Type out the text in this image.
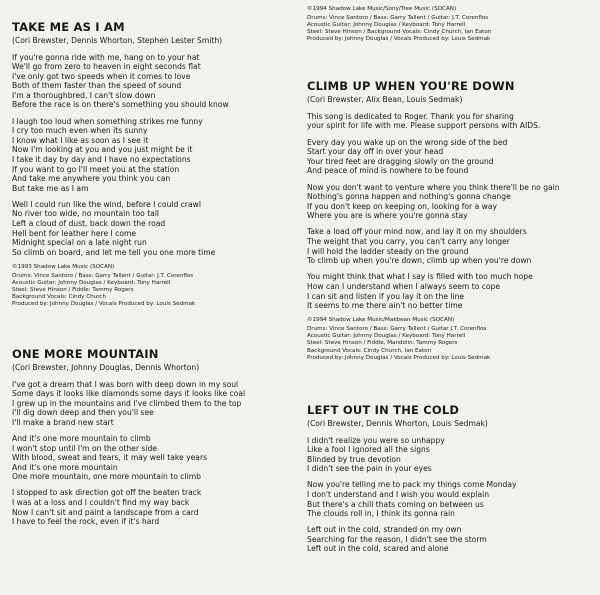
TAKE ME AS I AM
(Cori Brewster, Dennis Whorton, Stephen Lester Smith)
If you're gonna ride with me, hang on to your hat
We'll go from zero to heaven in eight seconds flat
I've only got two speeds when it comes to love
Both of them faster than the speed of sound
I'm a thoroughbred, I can't slow down
Before the race is on there's something you should know
I laugh too loud when something strikes me funny
I cry too much even when its sunny
I know what I like as soon as I see it
Now I'm looking at you and you just might be it
I take it day by day and I have no expectations
If you want to go I'll meet you at the station
And take me anywhere you think you can
But take me as I am
Well I could run like the wind, before I could crawl
No river too wide, no mountain too tall
Left a cloud of dust, back down the road
Hell bent for leather here I come
Midnight special on a late night run
So climb on board, and let me tell you one more time
©1993 Shadow Lake Music (SOCAN)
Drums: Vince Santoro / Bass: Garry Tallent / Guitar: J.T. Corenflos
Acoustic Guitar: Johnny Douglas / Keyboard: Tony Harrell
Steel: Steve Hinson / Fiddle: Tammy Rogers
Background Vocals: Cindy Church
Produced by: Johnny Douglas / Vocals Produced by: Louis Sedmak
ONE MORE MOUNTAIN
(Cori Brewster, Johnny Douglas, Dennis Whorton)
I've got a dream that I was born with deep down in my soul
Some days it looks like diamonds some days it looks like coal
I grew up in the mountains and I've climbed them to the top
I'll dig down deep and then you'll see
I'll make a brand new start
And it's one more mountain to climb
I won't stop until I'm on the other side
With blood, sweat and tears, it may well take years
And it's one more mountain
One more mountain, one more mountain to climb
I stopped to ask direction got off the beaten track
I was at a loss and I couldn't find my way back
Now I can't sit and paint a landscape from a card
I have to feel the rock, even if it's hard
©1994 Shadow Lake Music/Sony/Tree Music (SOCAN)
Drums: Vince Santoro / Bass: Garry Tallent / Guitar: J.T. Corenflos
Acoustic Guitar: Johnny Douglas / Keyboard: Tony Harrell
Steel: Steve Hinson / Background Vocals: Cindy Church, Ian Eaton
Produced by: Johnny Douglas / Vocals Produced by: Louis Sedmak
CLIMB UP WHEN YOU'RE DOWN
(Cori Brewster, Alix Bean, Louis Sedmak)
This song is dedicated to Roger. Thank you for sharing
your spirit for life with me. Please support persons with AIDS.
Every day you wake up on the wrong side of the bed
Start your day off in over your head
Your tired feet are dragging slowly on the ground
And peace of mind is nowhere to be found
Now you don't want to venture where you think there'll be no gain
Nothing's gonna happen and nothing's gonna change
If you don't keep on keeping on, looking for a way
Where you are is where you're gonna stay
Take a load off your mind now, and lay it on my shoulders
The weight that you carry, you can't carry any longer
I will hold the ladder steady on the ground
To climb up when you're down, climb up when you're down
You might think that what I say is filled with too much hope
How can I understand when I always seem to cope
I can sit and listen if you lay it on the line
It seems to me there ain't no better time
©1994 Shadow Lake Music/Makbean Music (SOCAN)
Drums: Vince Santoro / Bass: Garry Tallent / Guitar J.T. Corenflos
Acoustic Guitar: Johnny Douglas / Keyboard: Tony Harrell
Steel: Steve Hinson / Fiddle, Mandolin: Tammy Rogers
Background Vocals: Cindy Church, Ian Eaton
Produced by: Johnny Douglas / Vocals Produced by: Louis Sedmak
LEFT OUT IN THE COLD
(Cori Brewster, Dennis Whorton, Louis Sedmak)
I didn't realize you were so unhappy
Like a fool I ignored all the signs
Blinded by true devotion
I didn't see the pain in your eyes
Now you're telling me to pack my things come Monday
I don't understand and I wish you would explain
But there's a chill thats coming on between us
The clouds roll in, I think its gonna rain
Left out in the cold, stranded on my own
Searching for the reason, I didn't see the storm
Left out in the cold, scared and alone
